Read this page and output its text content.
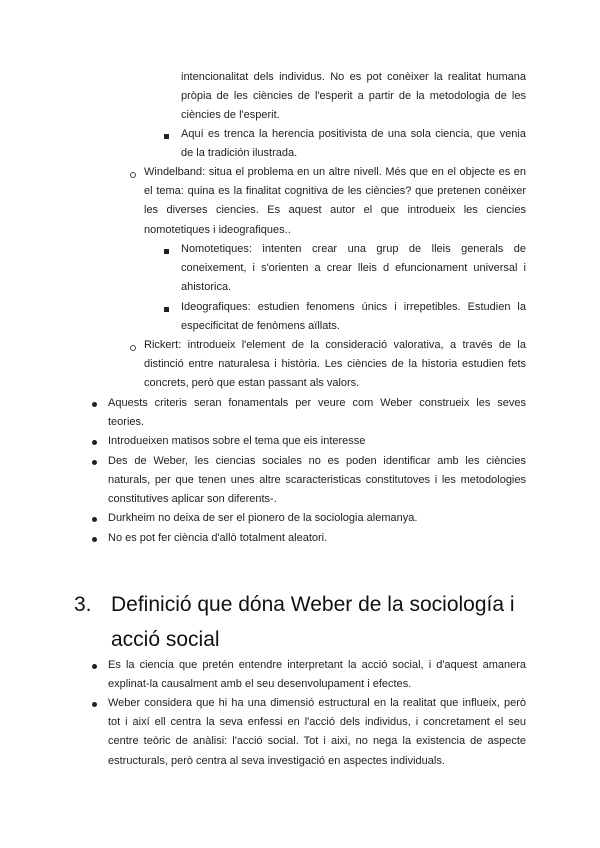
intencionalitat dels individus. No es pot conèixer la realitat humana pròpia de les ciències de l'esperit a partir de la metodologia de les ciències de l'esperit.
Aquí es trenca la herencia positivista de una sola ciencia, que venia de la tradición ilustrada.
Windelband: situa el problema en un altre nivell. Més que en el objecte es en el tema: quina es la finalitat cognitiva de les ciències? que pretenen conèixer les diverses ciencies. Es aquest autor el que introdueix les ciencies nomotetiques i ideografiques..
Nomotetiques: intenten crear una grup de lleis generals de coneixement, i s'orienten a crear lleis d efuncionament universal i ahistorica.
Ideografiques: estudien fenomens únics i irrepetibles. Estudien la especificitat de fenòmens aïllats.
Rickert: introdueix l'element de la consideració valorativa, a través de la distinció entre naturalesa i història. Les ciències de la historia estudien fets concrets, però que estan passant als valors.
Aquests criteris seran fonamentals per veure com Weber construeix les seves teories.
Introdueixen matisos sobre el tema que eis interesse
Des de Weber, les ciencias sociales no es poden identificar amb les ciències naturals, per que tenen unes altre scaracteristicas constitutoves i les metodologies constitutives aplicar son diferents-.
Durkheim no deixa de ser el pionero de la sociologia alemanya.
No es pot fer ciència d'allò totalment aleatori.
3. Definició que dóna Weber de la sociología i
acció social
Es la ciencia que pretén entendre interpretant la acció social, i d'aquest amanera explinat-la causalment amb el seu desenvolupament i efectes.
Weber considera que hi ha una dimensió estructural en la realitat que influeix, però tot i així ell centra la seva enfessi en l'acció dels individus, i concretament el seu centre teòric de anàlisi: l'acció social. Tot i aixi, no nega la existencia de aspecte estructurals, però centra al seva investigació en aspectes individuals.
